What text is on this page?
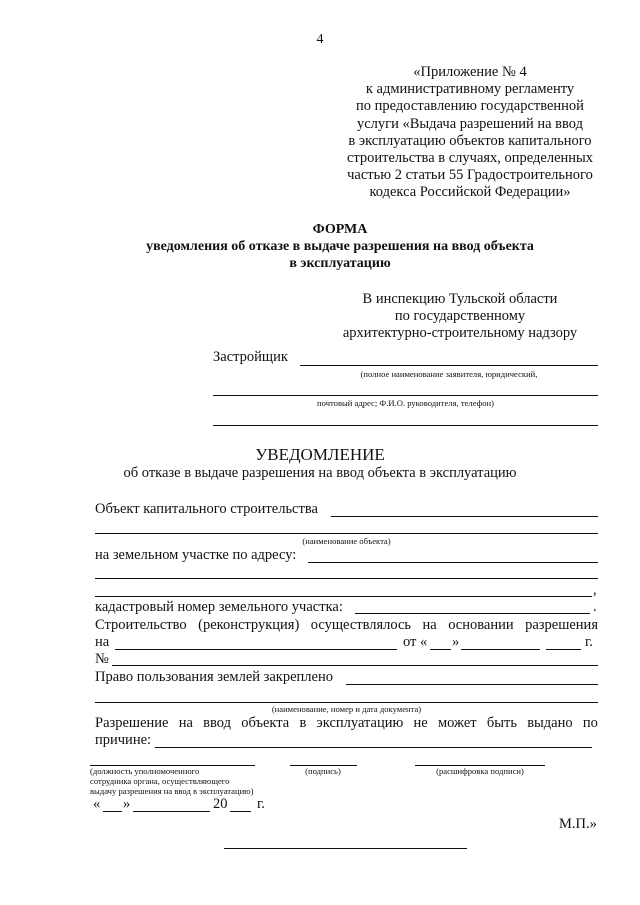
4
«Приложение № 4
к административному регламенту
по предоставлению государственной
услуги «Выдача разрешений на ввод
в эксплуатацию объектов капитального
строительства в случаях, определенных
частью 2 статьи 55 Градостроительного
кодекса Российской Федерации»
ФОРМА
уведомления об отказе в выдаче разрешения на ввод объекта
в эксплуатацию
В инспекцию Тульской области
по государственному
архитектурно-строительному надзору
Застройщик
(полное наименование заявителя, юридический,
почтовый адрес; Ф.И.О. руководителя, телефон)
УВЕДОМЛЕНИЕ
об отказе в выдаче разрешения на ввод объекта в эксплуатацию
Объект капитального строительства
(наименование объекта)
на земельном участке по адресу:
,
кадастровый номер земельного участка:	.
Строительство (реконструкция) осуществлялось на основании разрешения
на	от « »	г.
№
Право пользования землей закреплено
(наименование, номер и дата документа)
Разрешение на ввод объекта в эксплуатацию не может быть выдано по
причине:
(должность уполномоченного
сотрудника органа, осуществляющего
выдачу разрешения на ввод в эксплуатацию)
(подпись)	(расшифровка подписи)
« »	20 г.
М.П.»
